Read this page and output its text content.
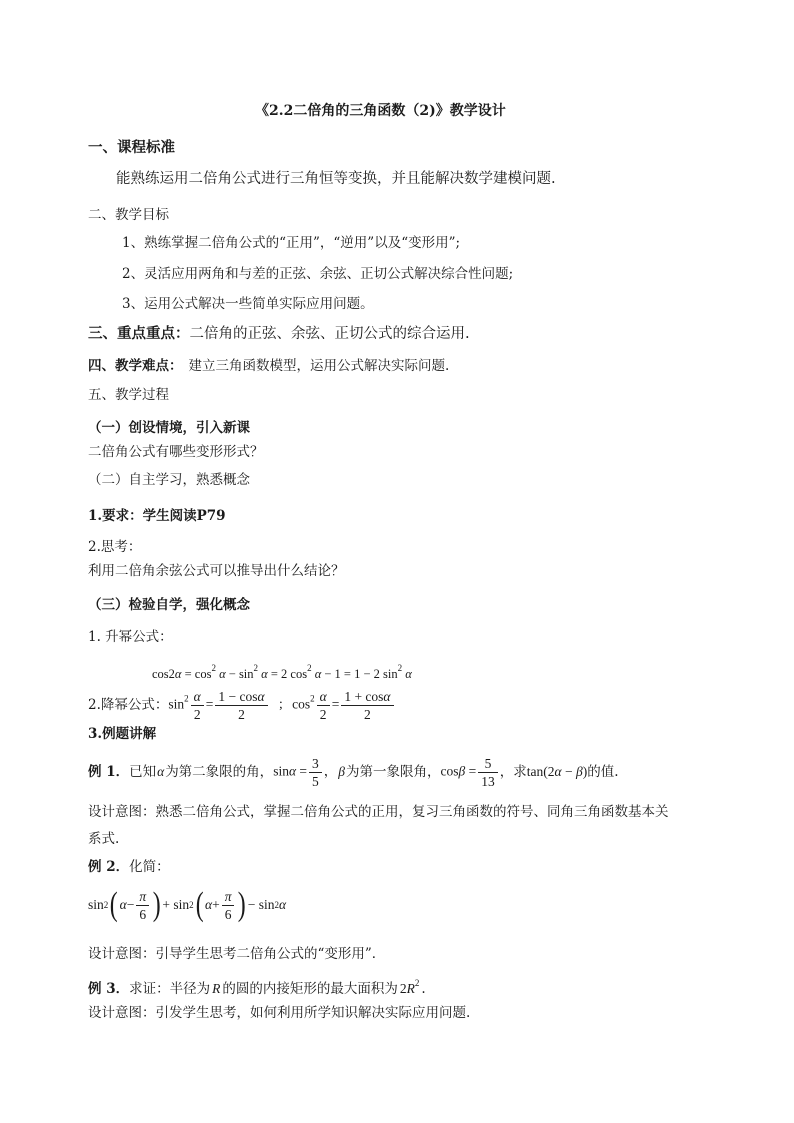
《2.2二倍角的三角函数（2)》教学设计
一、课程标准
能熟练运用二倍角公式进行三角恒等变换，并且能解决数学建模问题.
二、教学目标
1、熟练掌握二倍角公式的“正用”，“逆用”以及“变形用”;
2、灵活应用两角和与差的正弦、余弦、正切公式解决综合性问题;
3、运用公式解决一些简单实际应用问题。
三、重点重点：二倍角的正弦、余弦、正切公式的综合运用.
四、教学难点： 建立三角函数模型，运用公式解决实际问题.
五、教学过程
（一）创设情境，引入新课
二倍角公式有哪些变形形式？
（二）自主学习，熟悉概念
1.要求：学生阅读P79
2.思考：
利用二倍角余弦公式可以推导出什么结论？
（三）检验自学，强化概念
1. 升幂公式：
$\cos 2\alpha = \cos^2 \alpha - \sin^2 \alpha = 2$ $\cos^2 \alpha - 1 = 1 - 2$ $\sin^2 \alpha$
2.降幂公式： $\sin^2 \frac{\alpha}{2} = \frac{1 - \cos\alpha}{2}$ ; $\cos^2 \frac{\alpha}{2} = \frac{1 + \cos\alpha}{2}$
3.例题讲解
例 1． 已知 α 为第二象限的角， $\sin\alpha = \frac{3}{5}$ ， β 为第一象限角， $\cos\beta = \frac{5}{13}$ ，求 tan(2α − β) 的值.
设计意图：熟悉二倍角公式，掌握二倍角公式的正用，复习三角函数的符号、同角三角函数基本关
系式.
例 2．化简：
sin 2 ( $\alpha - \frac{\pi}{6}$ ) + sin 2 ( $\alpha + \frac{\pi}{6}$ ) − sin 2 α
设计意图：引导学生思考二倍角公式的“变形用”．
例 3．求证：半径为 R 的圆的内接矩形的最大面积为 $2R^2$ .
设计意图：引发学生思考，如何利用所学知识解决实际应用问题.
